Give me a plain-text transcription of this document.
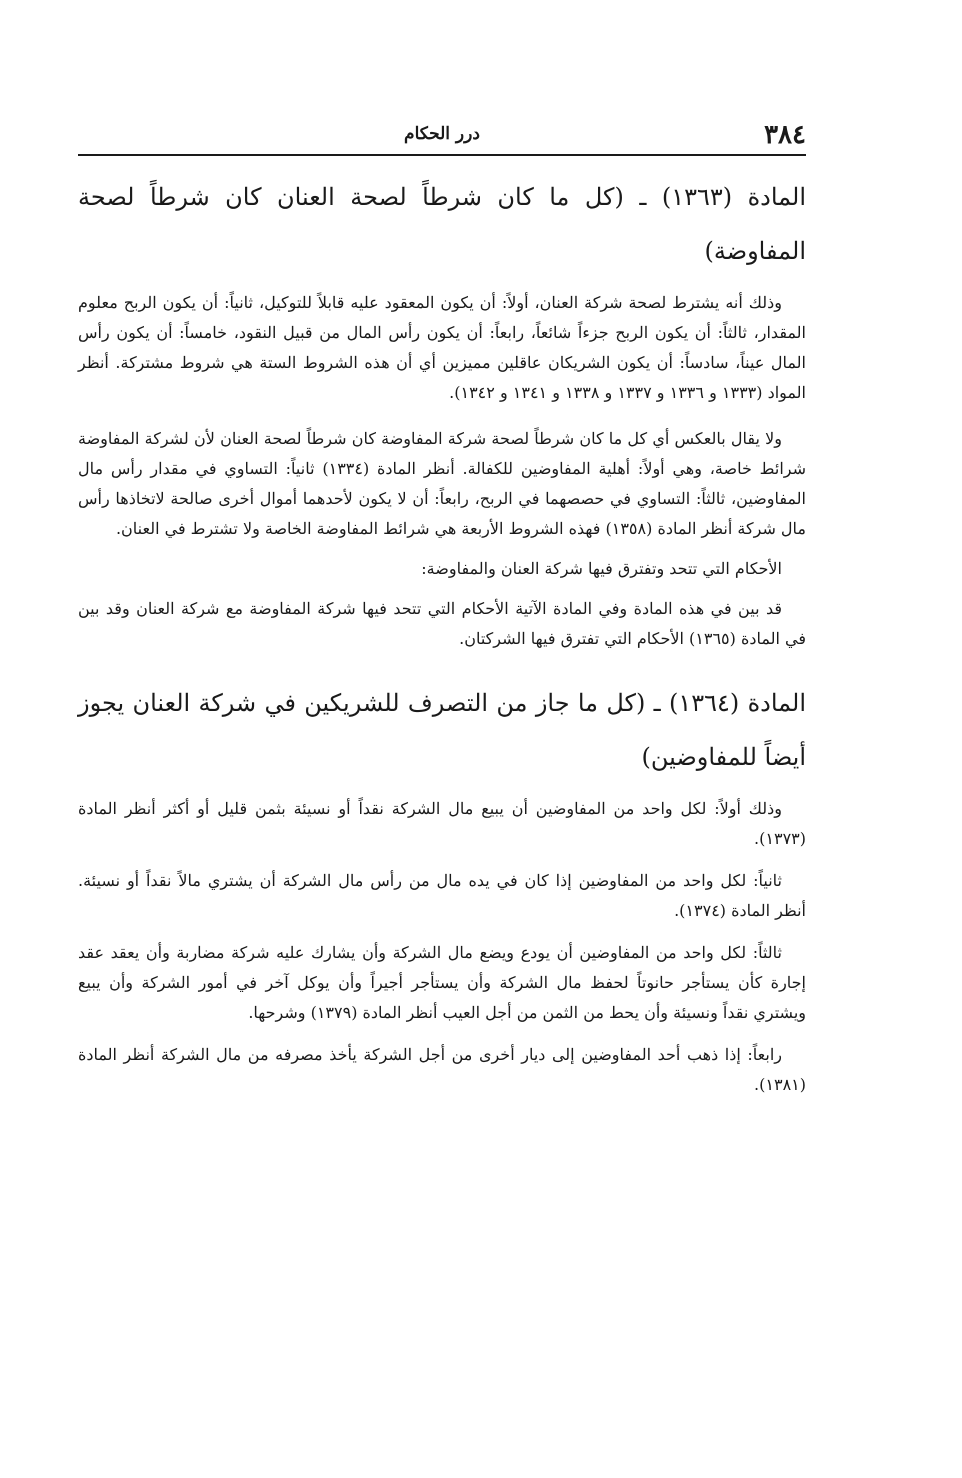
٣٨٤
درر الحكام
المادة (١٣٦٣) ـ (كل ما كان شرطاً لصحة العنان كان شرطاً لصحة المفاوضة)

وذلك أنه يشترط لصحة شركة العنان، أولاً: أن يكون المعقود عليه قابلاً للتوكيل، ثانياً: أن يكون الربح معلوم المقدار، ثالثاً: أن يكون الربح جزءاً شائعاً، رابعاً: أن يكون رأس المال من قبيل النقود، خامساً: أن يكون رأس المال عيناً، سادساً: أن يكون الشريكان عاقلين مميزين أي أن هذه الشروط الستة هي شروط مشتركة. أنظر المواد (١٣٣٣ و ١٣٣٦ و ١٣٣٧ و ١٣٣٨ و ١٣٤١ و ١٣٤٢).

ولا يقال بالعكس أي كل ما كان شرطاً لصحة شركة المفاوضة كان شرطاً لصحة العنان لأن لشركة المفاوضة شرائط خاصة، وهي أولاً: أهلية المفاوضين للكفالة. أنظر المادة (١٣٣٤) ثانياً: التساوي في مقدار رأس مال المفاوضين، ثالثاً: التساوي في حصصهما في الربح، رابعاً: أن لا يكون لأحدهما أموال أخرى صالحة لاتخاذها رأس مال شركة أنظر المادة (١٣٥٨) فهذه الشروط الأربعة هي شرائط المفاوضة الخاصة ولا تشترط في العنان.

الأحكام التي تتحد وتفترق فيها شركة العنان والمفاوضة:

قد بين في هذه المادة وفي المادة الآتية الأحكام التي تتحد فيها شركة المفاوضة مع شركة العنان وقد بين في المادة (١٣٦٥) الأحكام التي تفترق فيها الشركتان.

المادة (١٣٦٤) ـ (كل ما جاز من التصرف للشريكين في شركة العنان يجوز أيضاً للمفاوضين)

وذلك أولاً: لكل واحد من المفاوضين أن يبيع مال الشركة نقداً أو نسيئة بثمن قليل أو أكثر أنظر المادة (١٣٧٣).

ثانياً: لكل واحد من المفاوضين إذا كان في يده مال من رأس مال الشركة أن يشتري مالاً نقداً أو نسيئة. أنظر المادة (١٣٧٤).

ثالثاً: لكل واحد من المفاوضين أن يودع ويضع مال الشركة وأن يشارك عليه شركة مضاربة وأن يعقد عقد إجارة كأن يستأجر حانوتاً لحفظ مال الشركة وأن يستأجر أجيراً وأن يوكل آخر في أمور الشركة وأن يبيع ويشتري نقداً ونسيئة وأن يحط من الثمن من أجل العيب أنظر المادة (١٣٧٩) وشرحها.

رابعاً: إذا ذهب أحد المفاوضين إلى ديار أخرى من أجل الشركة يأخذ مصرفه من مال الشركة أنظر المادة (١٣٨١).
